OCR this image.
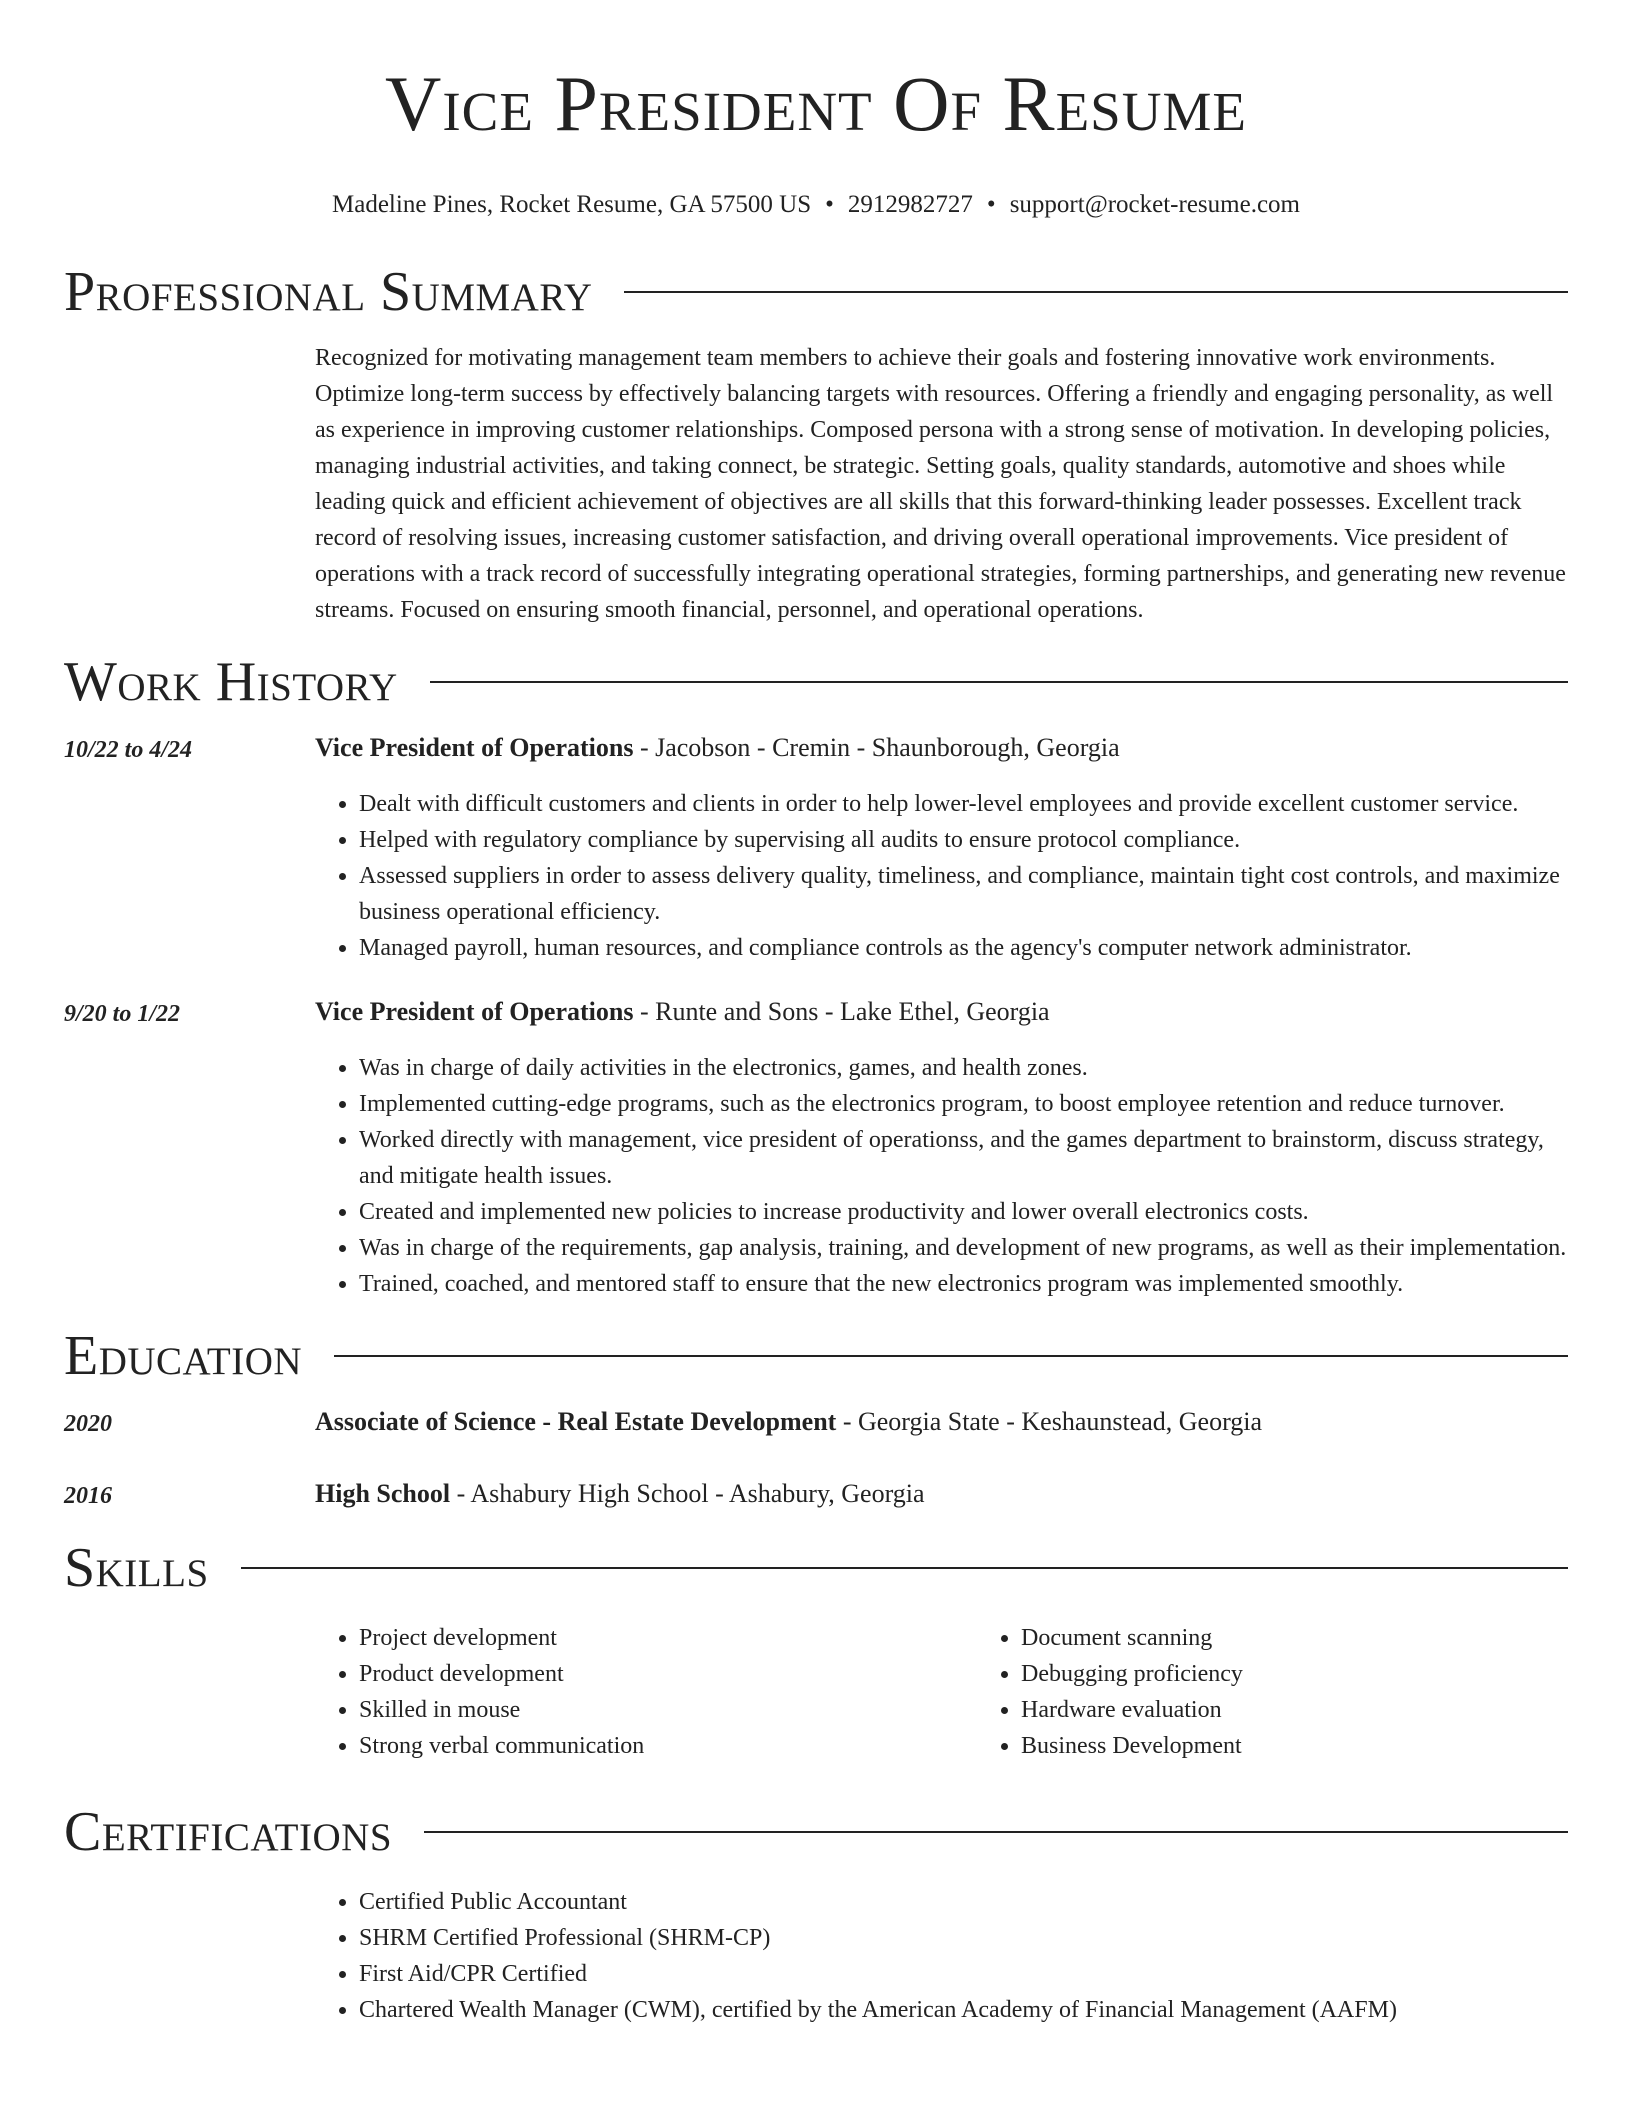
Vice President Of Resume
Madeline Pines, Rocket Resume, GA 57500 US • 2912982727 • support@rocket-resume.com
Professional Summary
Recognized for motivating management team members to achieve their goals and fostering innovative work environments. Optimize long-term success by effectively balancing targets with resources. Offering a friendly and engaging personality, as well as experience in improving customer relationships. Composed persona with a strong sense of motivation. In developing policies, managing industrial activities, and taking connect, be strategic. Setting goals, quality standards, automotive and shoes while leading quick and efficient achievement of objectives are all skills that this forward-thinking leader possesses. Excellent track record of resolving issues, increasing customer satisfaction, and driving overall operational improvements. Vice president of operations with a track record of successfully integrating operational strategies, forming partnerships, and generating new revenue streams. Focused on ensuring smooth financial, personnel, and operational operations.
Work History
10/22 to 4/24	Vice President of Operations - Jacobson - Cremin - Shaunborough, Georgia
• Dealt with difficult customers and clients in order to help lower-level employees and provide excellent customer service.
• Helped with regulatory compliance by supervising all audits to ensure protocol compliance.
• Assessed suppliers in order to assess delivery quality, timeliness, and compliance, maintain tight cost controls, and maximize business operational efficiency.
• Managed payroll, human resources, and compliance controls as the agency's computer network administrator.
9/20 to 1/22	Vice President of Operations - Runte and Sons - Lake Ethel, Georgia
• Was in charge of daily activities in the electronics, games, and health zones.
• Implemented cutting-edge programs, such as the electronics program, to boost employee retention and reduce turnover.
• Worked directly with management, vice president of operationss, and the games department to brainstorm, discuss strategy, and mitigate health issues.
• Created and implemented new policies to increase productivity and lower overall electronics costs.
• Was in charge of the requirements, gap analysis, training, and development of new programs, as well as their implementation.
• Trained, coached, and mentored staff to ensure that the new electronics program was implemented smoothly.
Education
2020	Associate of Science - Real Estate Development - Georgia State - Keshaunstead, Georgia
2016	High School - Ashabury High School - Ashabury, Georgia
Skills
• Project development
• Product development
• Skilled in mouse
• Strong verbal communication
• Document scanning
• Debugging proficiency
• Hardware evaluation
• Business Development
Certifications
• Certified Public Accountant
• SHRM Certified Professional (SHRM-CP)
• First Aid/CPR Certified
• Chartered Wealth Manager (CWM), certified by the American Academy of Financial Management (AAFM)
